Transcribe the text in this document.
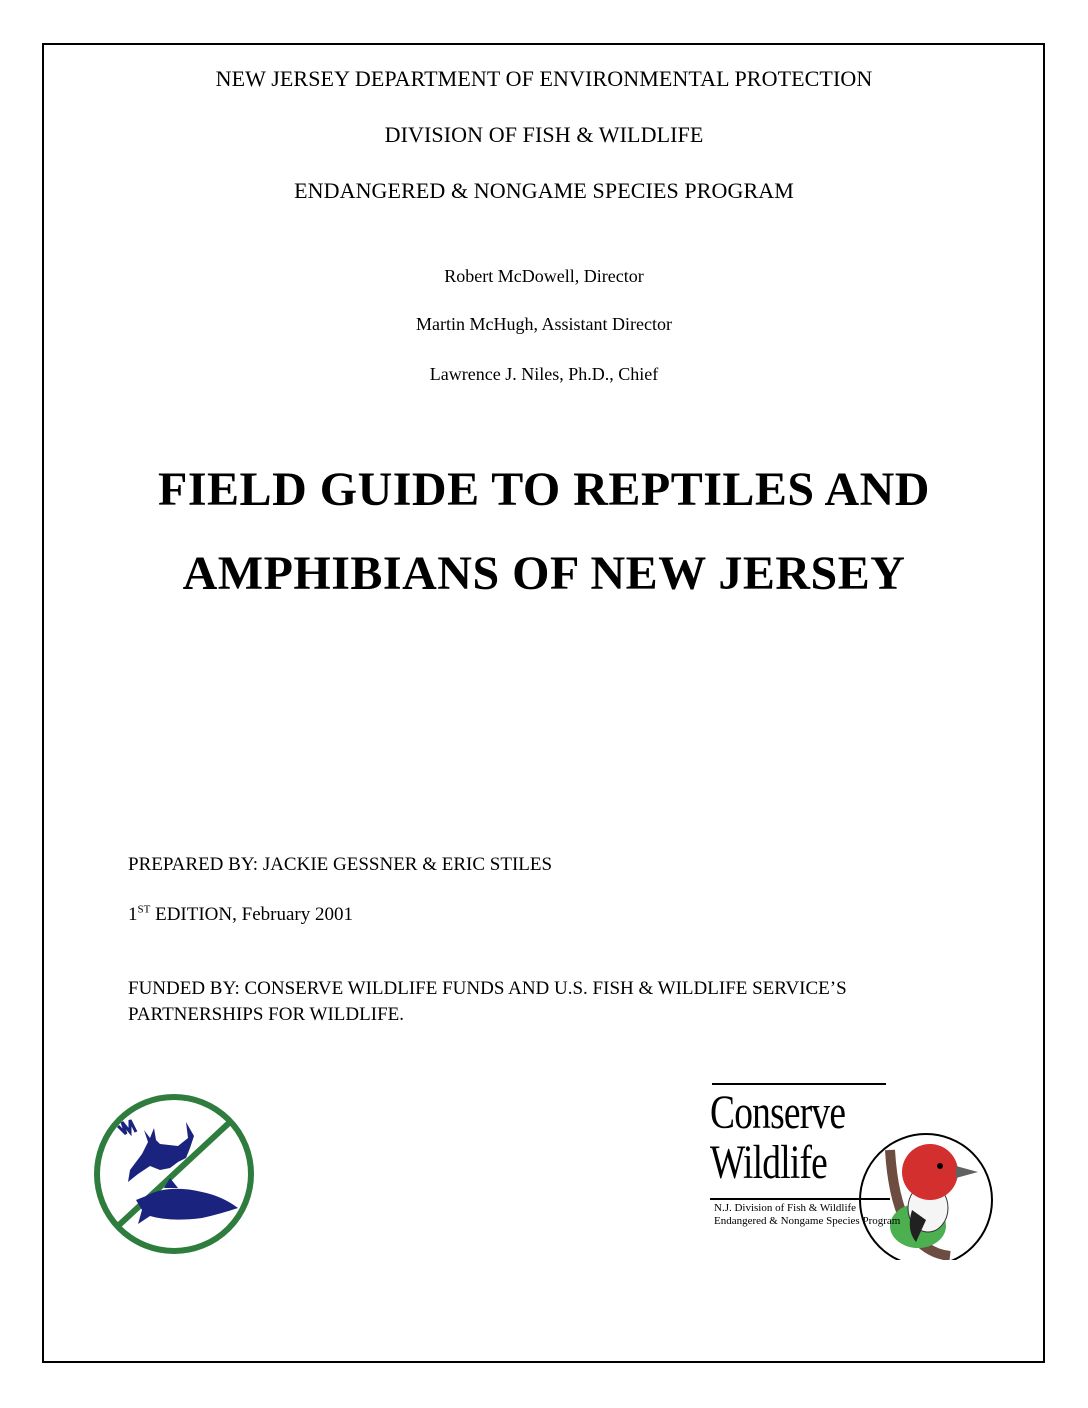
NEW JERSEY DEPARTMENT OF ENVIRONMENTAL PROTECTION

DIVISION OF FISH & WILDLIFE

ENDANGERED & NONGAME SPECIES PROGRAM

Robert McDowell, Director

Martin McHugh, Assistant Director

Lawrence J. Niles, Ph.D., Chief

FIELD GUIDE TO REPTILES AND

AMPHIBIANS OF NEW JERSEY

PREPARED BY: JACKIE GESSNER & ERIC STILES

1ST EDITION, February 2001

FUNDED BY: CONSERVE WILDLIFE FUNDS AND U.S. FISH & WILDLIFE SERVICE’S

PARTNERSHIPS FOR WILDLIFE.

Conserve
Wildlife
N.J. Division of Fish & Wildlife
Endangered & Nongame Species Program
